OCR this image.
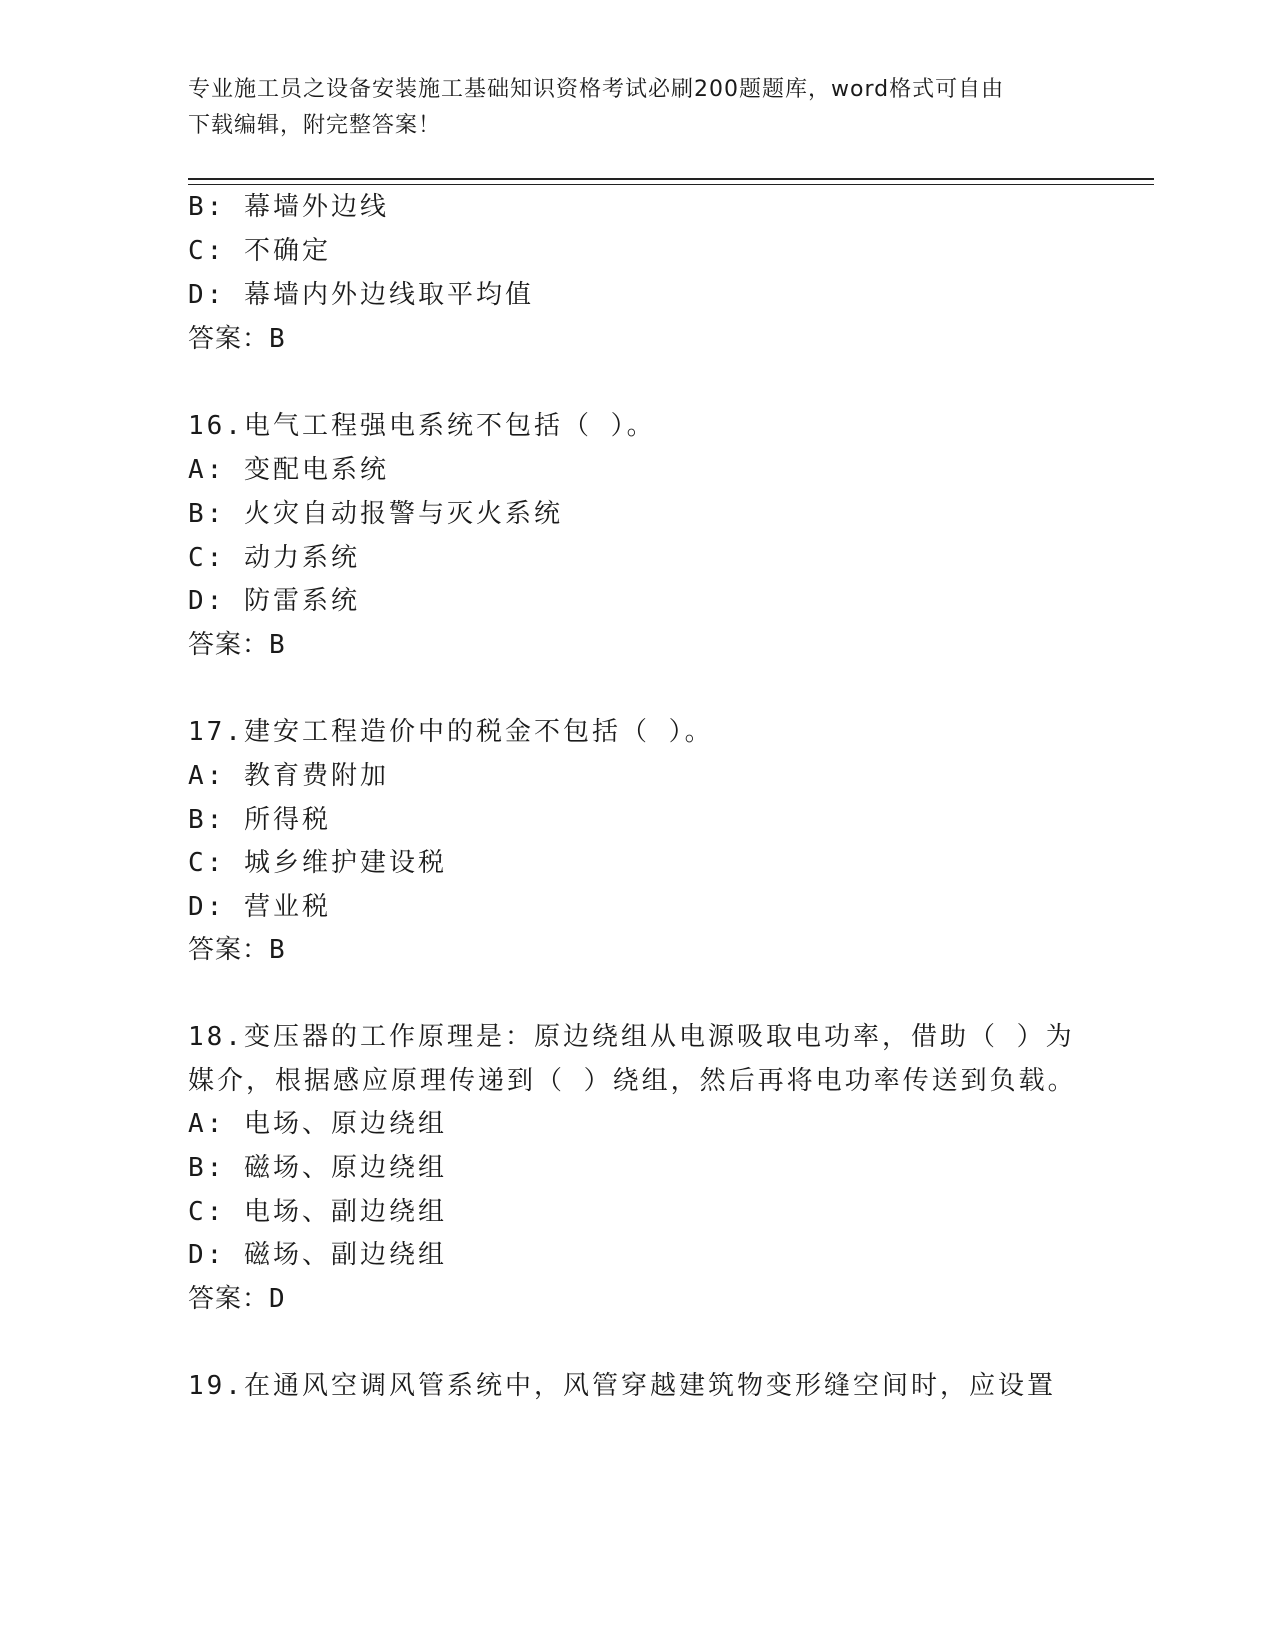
专业施工员之设备安装施工基础知识资格考试必刷200题题库，word格式可自由
下载编辑，附完整答案！
B: 幕墙外边线
C: 不确定
D: 幕墙内外边线取平均值
答案：B
16.电气工程强电系统不包括（ ）。
A: 变配电系统
B: 火灾自动报警与灭火系统
C: 动力系统
D: 防雷系统
答案：B
17.建安工程造价中的税金不包括（ ）。
A: 教育费附加
B: 所得税
C: 城乡维护建设税
D: 营业税
答案：B
18.变压器的工作原理是：原边绕组从电源吸取电功率，借助（ ）为
媒介，根据感应原理传递到（ ）绕组，然后再将电功率传送到负载。
A: 电场、原边绕组
B: 磁场、原边绕组
C: 电场、副边绕组
D: 磁场、副边绕组
答案：D
19.在通风空调风管系统中，风管穿越建筑物变形缝空间时，应设置
